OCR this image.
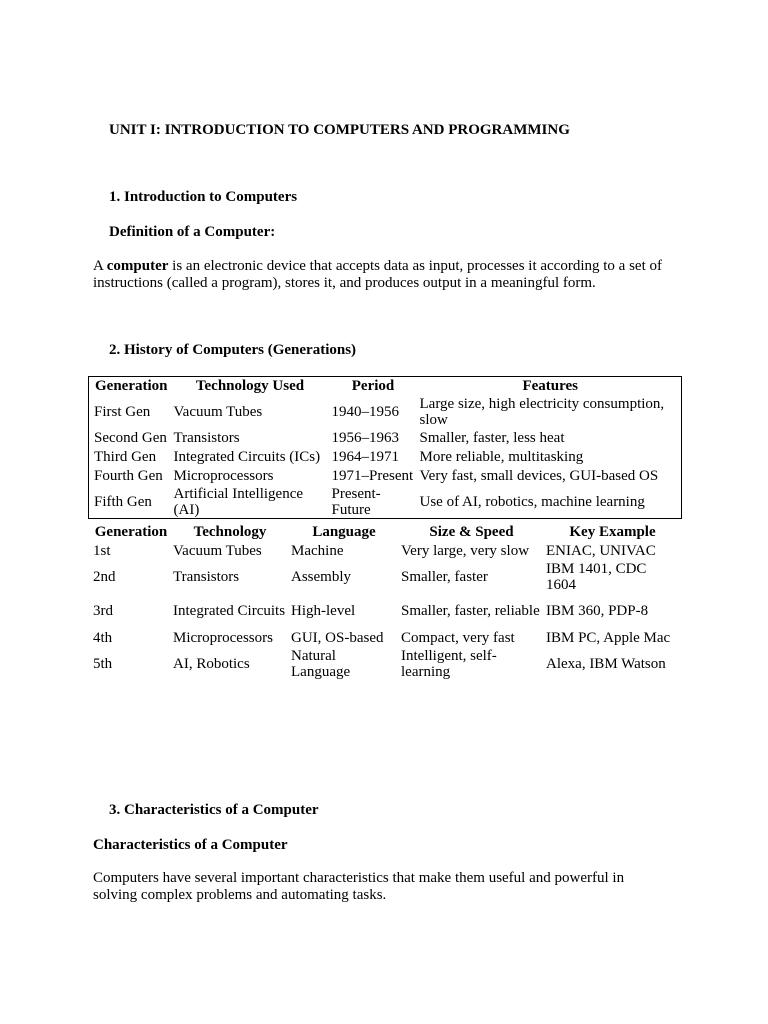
UNIT I: INTRODUCTION TO COMPUTERS AND PROGRAMMING
1. Introduction to Computers
Definition of a Computer:

A computer is an electronic device that accepts data as input, processes it according to a set of instructions (called a program), stores it, and produces output in a meaningful form.

2. History of Computers (Generations)
Generation	Technology Used	Period	Features
First Gen	Vacuum Tubes	1940–1956	Large size, high electricity consumption, slow
Second Gen	Transistors	1956–1963	Smaller, faster, less heat
Third Gen	Integrated Circuits (ICs)	1964–1971	More reliable, multitasking
Fourth Gen	Microprocessors	1971–Present	Very fast, small devices, GUI-based OS
Fifth Gen	Artificial Intelligence (AI)	Present-Future	Use of AI, robotics, machine learning
Generation	Technology	Language	Size & Speed	Key Example
1st	Vacuum Tubes	Machine	Very large, very slow	ENIAC, UNIVAC
2nd	Transistors	Assembly	Smaller, faster	IBM 1401, CDC 1604
3rd	Integrated Circuits	High-level	Smaller, faster, reliable	IBM 360, PDP-8
4th	Microprocessors	GUI, OS-based	Compact, very fast	IBM PC, Apple Mac
5th	AI, Robotics	Natural Language	Intelligent, self-learning	Alexa, IBM Watson
3. Characteristics of a Computer
Characteristics of a Computer

Computers have several important characteristics that make them useful and powerful in solving complex problems and automating tasks.
